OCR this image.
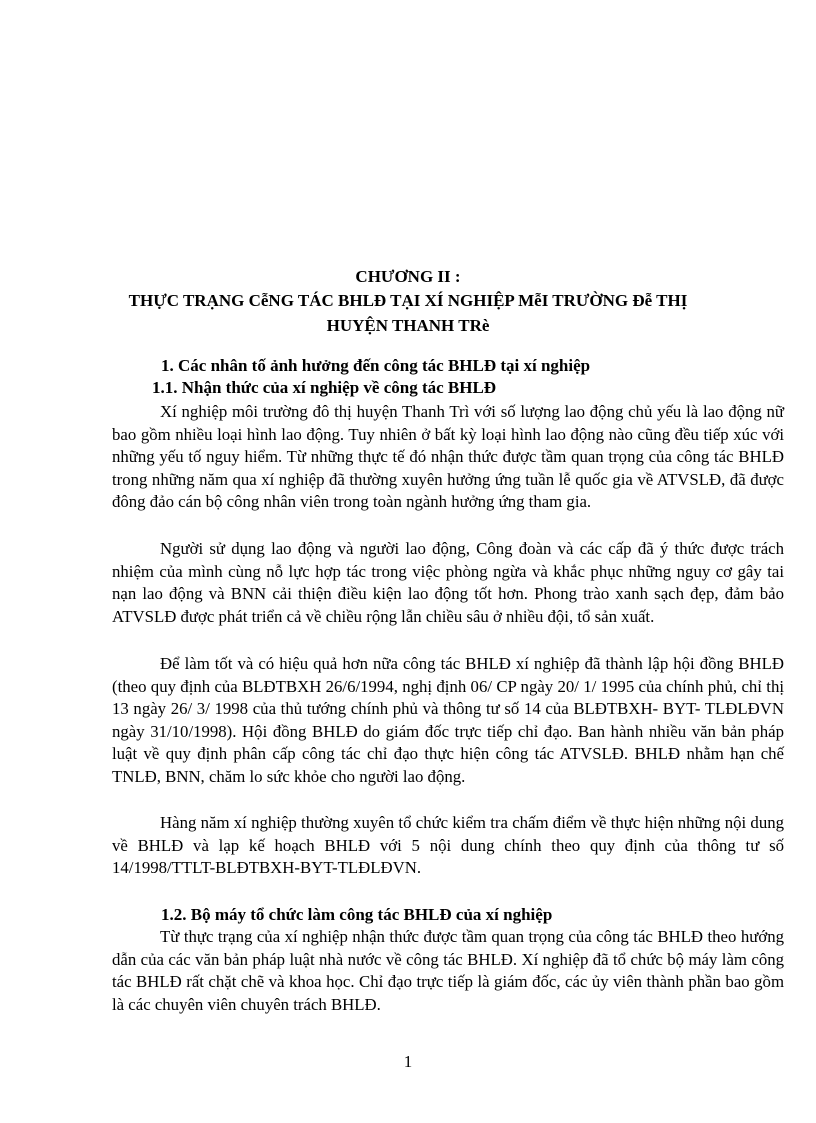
CHƯƠNG II :
THỰC TRẠNG CễNG TÁC BHLĐ TẠI XÍ NGHIỆP MễI TRƯỜNG Đễ THỊ
HUYỆN THANH TRè
1. Các nhân tố ảnh hưởng đến công tác BHLĐ tại xí nghiệp
1.1. Nhận thức của xí nghiệp về công tác BHLĐ
Xí nghiệp môi trường đô thị huyện Thanh Trì với số lượng lao động chủ yếu là lao động nữ bao gồm nhiều loại hình lao động. Tuy nhiên ở bất kỳ loại hình lao động nào cũng đều tiếp xúc với những yếu tố nguy hiểm. Từ những thực tế đó nhận thức được tầm quan trọng của công tác BHLĐ trong những năm qua xí nghiệp đã thường xuyên hưởng ứng tuần lễ quốc gia về ATVSLĐ, đã được đông đảo cán bộ công nhân viên trong toàn ngành hưởng ứng tham gia.
Người sử dụng lao động và người lao động, Công đoàn và các cấp đã ý thức được trách nhiệm của mình cùng nỗ lực hợp tác trong việc phòng ngừa và khắc phục những nguy cơ gây tai nạn lao động và BNN cải thiện điều kiện lao động tốt hơn. Phong trào xanh sạch đẹp, đảm bảo ATVSLĐ được phát triển cả về chiều rộng lẫn chiều sâu ở nhiều đội, tổ sản xuất.
Để làm tốt và có hiệu quả hơn nữa công tác BHLĐ xí nghiệp đã thành lập hội đồng BHLĐ (theo quy định của BLĐTBXH 26/6/1994, nghị định 06/ CP ngày 20/ 1/ 1995 của chính phủ, chỉ thị 13 ngày 26/ 3/ 1998 của thủ tướng chính phủ và thông tư số 14 của BLĐTBXH- BYT- TLĐLĐVN ngày 31/10/1998). Hội đồng BHLĐ do giám đốc trực tiếp chỉ đạo. Ban hành nhiều văn bản pháp luật về quy định phân cấp công tác chỉ đạo thực hiện công tác ATVSLĐ. BHLĐ nhằm hạn chế TNLĐ, BNN, chăm lo sức khỏe cho người lao động.
Hàng năm xí nghiệp thường xuyên tổ chức kiểm tra chấm điểm về thực hiện những nội dung về BHLĐ và lạp kế hoạch BHLĐ với 5 nội dung chính theo quy định của thông tư số 14/1998/TTLT-BLĐTBXH-BYT-TLĐLĐVN.
1.2. Bộ máy tổ chức làm công tác BHLĐ của xí nghiệp
Từ thực trạng của xí nghiệp nhận thức được tầm quan trọng của công tác BHLĐ theo hướng dẫn của các văn bản pháp luật nhà nước về công tác BHLĐ. Xí nghiệp đã tổ chức bộ máy làm công tác BHLĐ rất chặt chẽ và khoa học. Chỉ đạo trực tiếp là giám đốc, các ủy viên thành phần bao gồm là các chuyên viên chuyên trách BHLĐ.
1
